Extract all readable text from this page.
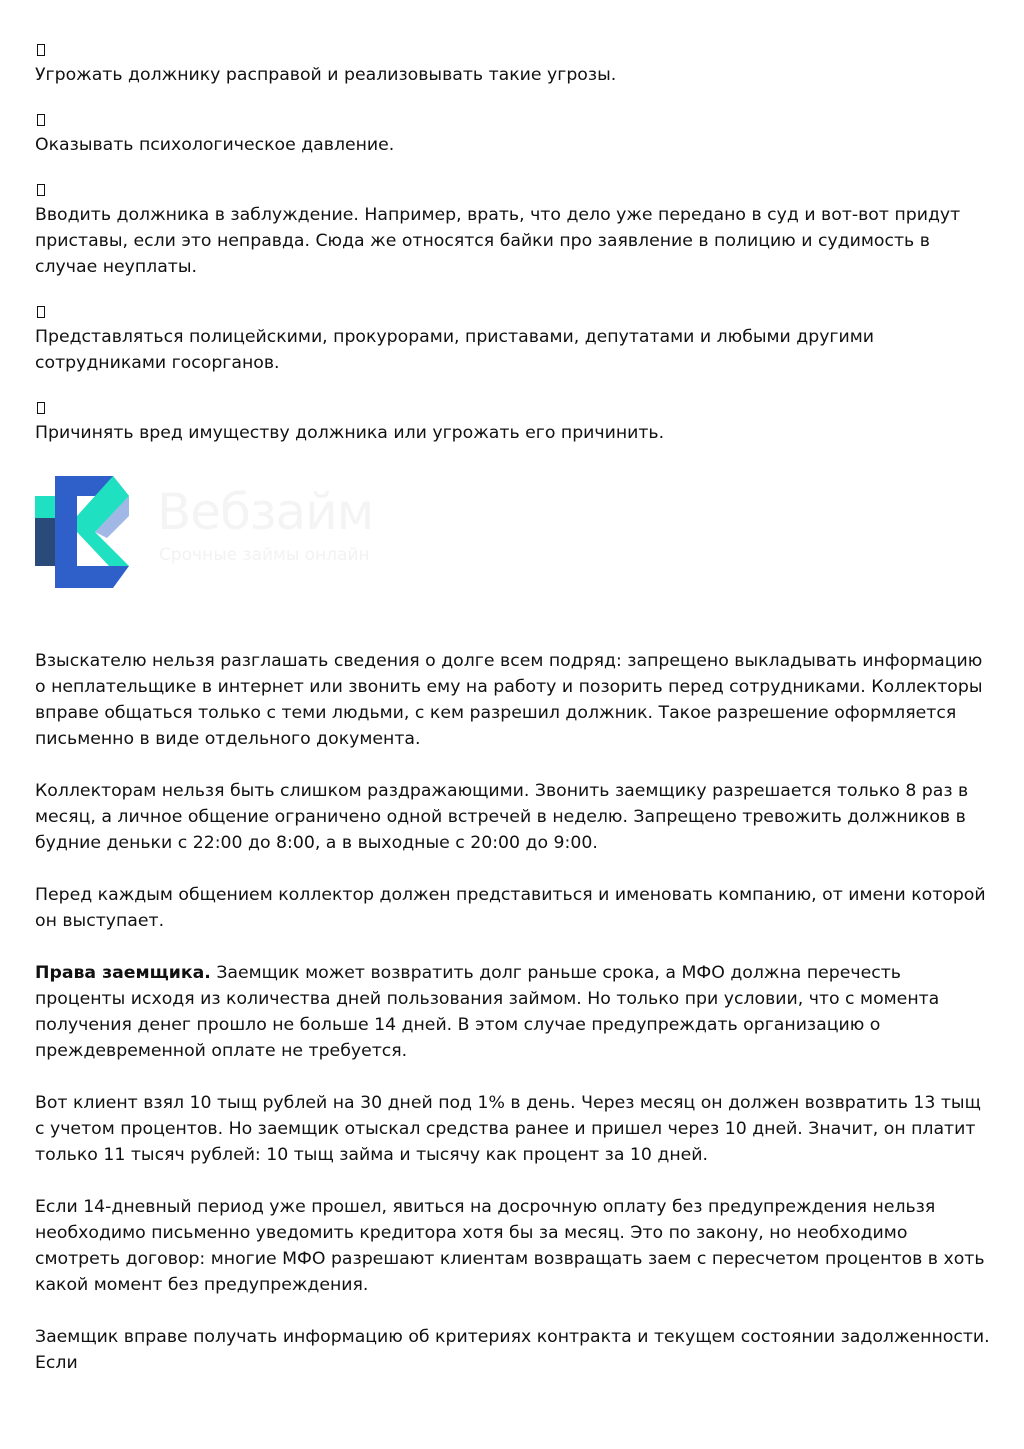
Угрожать должнику расправой и реализовывать такие угрозы.

Оказывать психологическое давление.

Вводить должника в заблуждение. Например, врать, что дело уже передано в суд и вот-вот придут приставы, если это неправда. Сюда же относятся байки про заявление в полицию и судимость в случае неуплаты.

Представляться полицейскими, прокурорами, приставами, депутатами и любыми другими сотрудниками госорганов.

Причинять вред имуществу должника или угрожать его причинить.

Вебзайм
Срочные займы онлайн

Взыскателю нельзя разглашать сведения о долге всем подряд: запрещено выкладывать информацию о неплательщике в интернет или звонить ему на работу и позорить перед сотрудниками. Коллекторы вправе общаться только с теми людьми, с кем разрешил должник. Такое разрешение оформляется письменно в виде отдельного документа.

Коллекторам нельзя быть слишком раздражающими. Звонить заемщику разрешается только 8 раз в месяц, а личное общение ограничено одной встречей в неделю. Запрещено тревожить должников в будние деньки с 22:00 до 8:00, а в выходные с 20:00 до 9:00.

Перед каждым общением коллектор должен представиться и именовать компанию, от имени которой он выступает.

Права заемщика. Заемщик может возвратить долг раньше срока, а МФО должна перечесть проценты исходя из количества дней пользования займом. Но только при условии, что с момента получения денег прошло не больше 14 дней. В этом случае предупреждать организацию о преждевременной оплате не требуется.

Вот клиент взял 10 тыщ рублей на 30 дней под 1% в день. Через месяц он должен возвратить 13 тыщ с учетом процентов. Но заемщик отыскал средства ранее и пришел через 10 дней. Значит, он платит только 11 тысяч рублей: 10 тыщ займа и тысячу как процент за 10 дней.

Если 14-дневный период уже прошел, явиться на досрочную оплату без предупреждения нельзя необходимо письменно уведомить кредитора хотя бы за месяц. Это по закону, но необходимо смотреть договор: многие МФО разрешают клиентам возвращать заем с пересчетом процентов в хоть какой момент без предупреждения.

Заемщик вправе получать информацию об критериях контракта и текущем состоянии задолженности. Если
